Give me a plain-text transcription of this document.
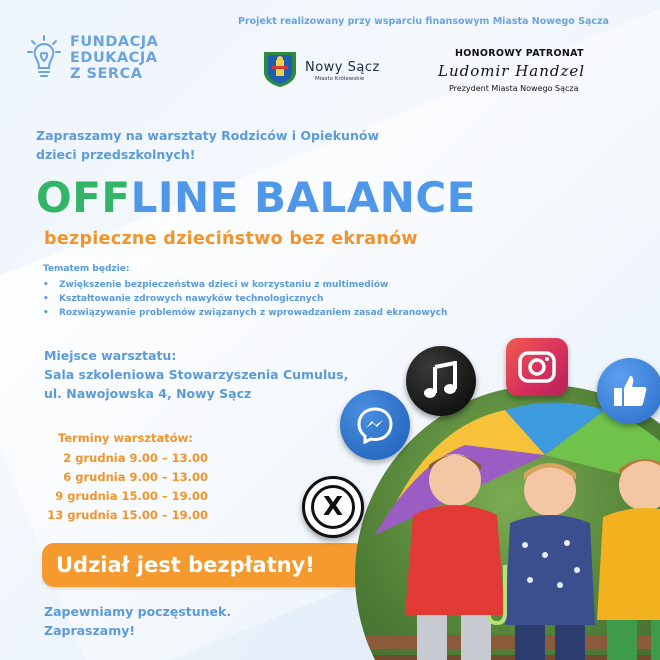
Projekt realizowany przy wsparciu finansowym Miasta Nowego Sącza
FUNDACJA
EDUKACJA
Z SERCA	Nowy Sącz
Miasto Królewskie
HONOROWY PATRONAT
Ludomir Handzel
Prezydent Miasta Nowego Sącza
Zapraszamy na warsztaty Rodziców i Opiekunów
dzieci przedszkolnych!
OFFLINE BALANCE
bezpieczne dzieciństwo bez ekranów
Tematem będzie:
• Zwiększenie bezpieczeństwa dzieci w korzystaniu z multimediów
• Kształtowanie zdrowych nawyków technologicznych
• Rozwiązywanie problemów związanych z wprowadzaniem zasad ekranowych
Miejsce warsztatu:
Sala szkoleniowa Stowarzyszenia Cumulus,
ul. Nawojowska 4, Nowy Sącz
Terminy warsztatów:
2 grudnia 9.00 – 13.00
6 grudnia 9.00 – 13.00
9 grudnia 15.00 – 19.00
13 grudnia 15.00 – 19.00
Udział jest bezpłatny!
Zapewniamy poczęstunek.
Zapraszamy!
X
